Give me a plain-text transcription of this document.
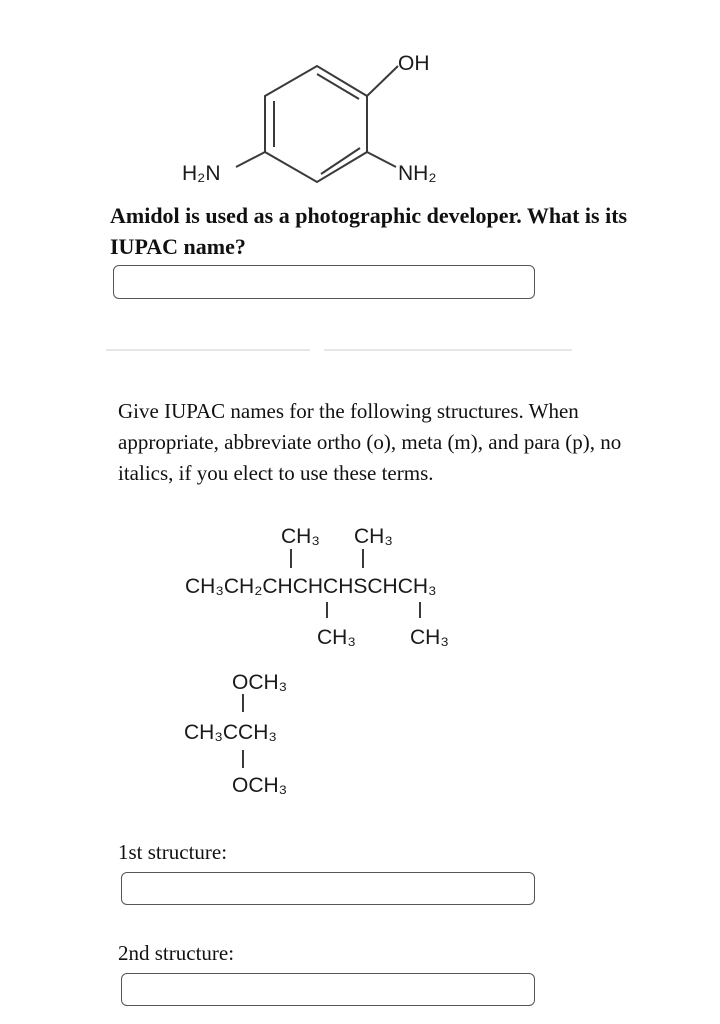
OH
H₂N	NH₂
Amidol is used as a photographic developer. What is its IUPAC name?
Give IUPAC names for the following structures. When appropriate, abbreviate ortho (o), meta (m), and para (p), no italics, if you elect to use these terms.
CH₃ CH₃
CH₃CH₂CHCHCHSCHCH₃
CH₃	CH₃
OCH₃
CH₃CCH₃
OCH₃
1st structure:
2nd structure:
